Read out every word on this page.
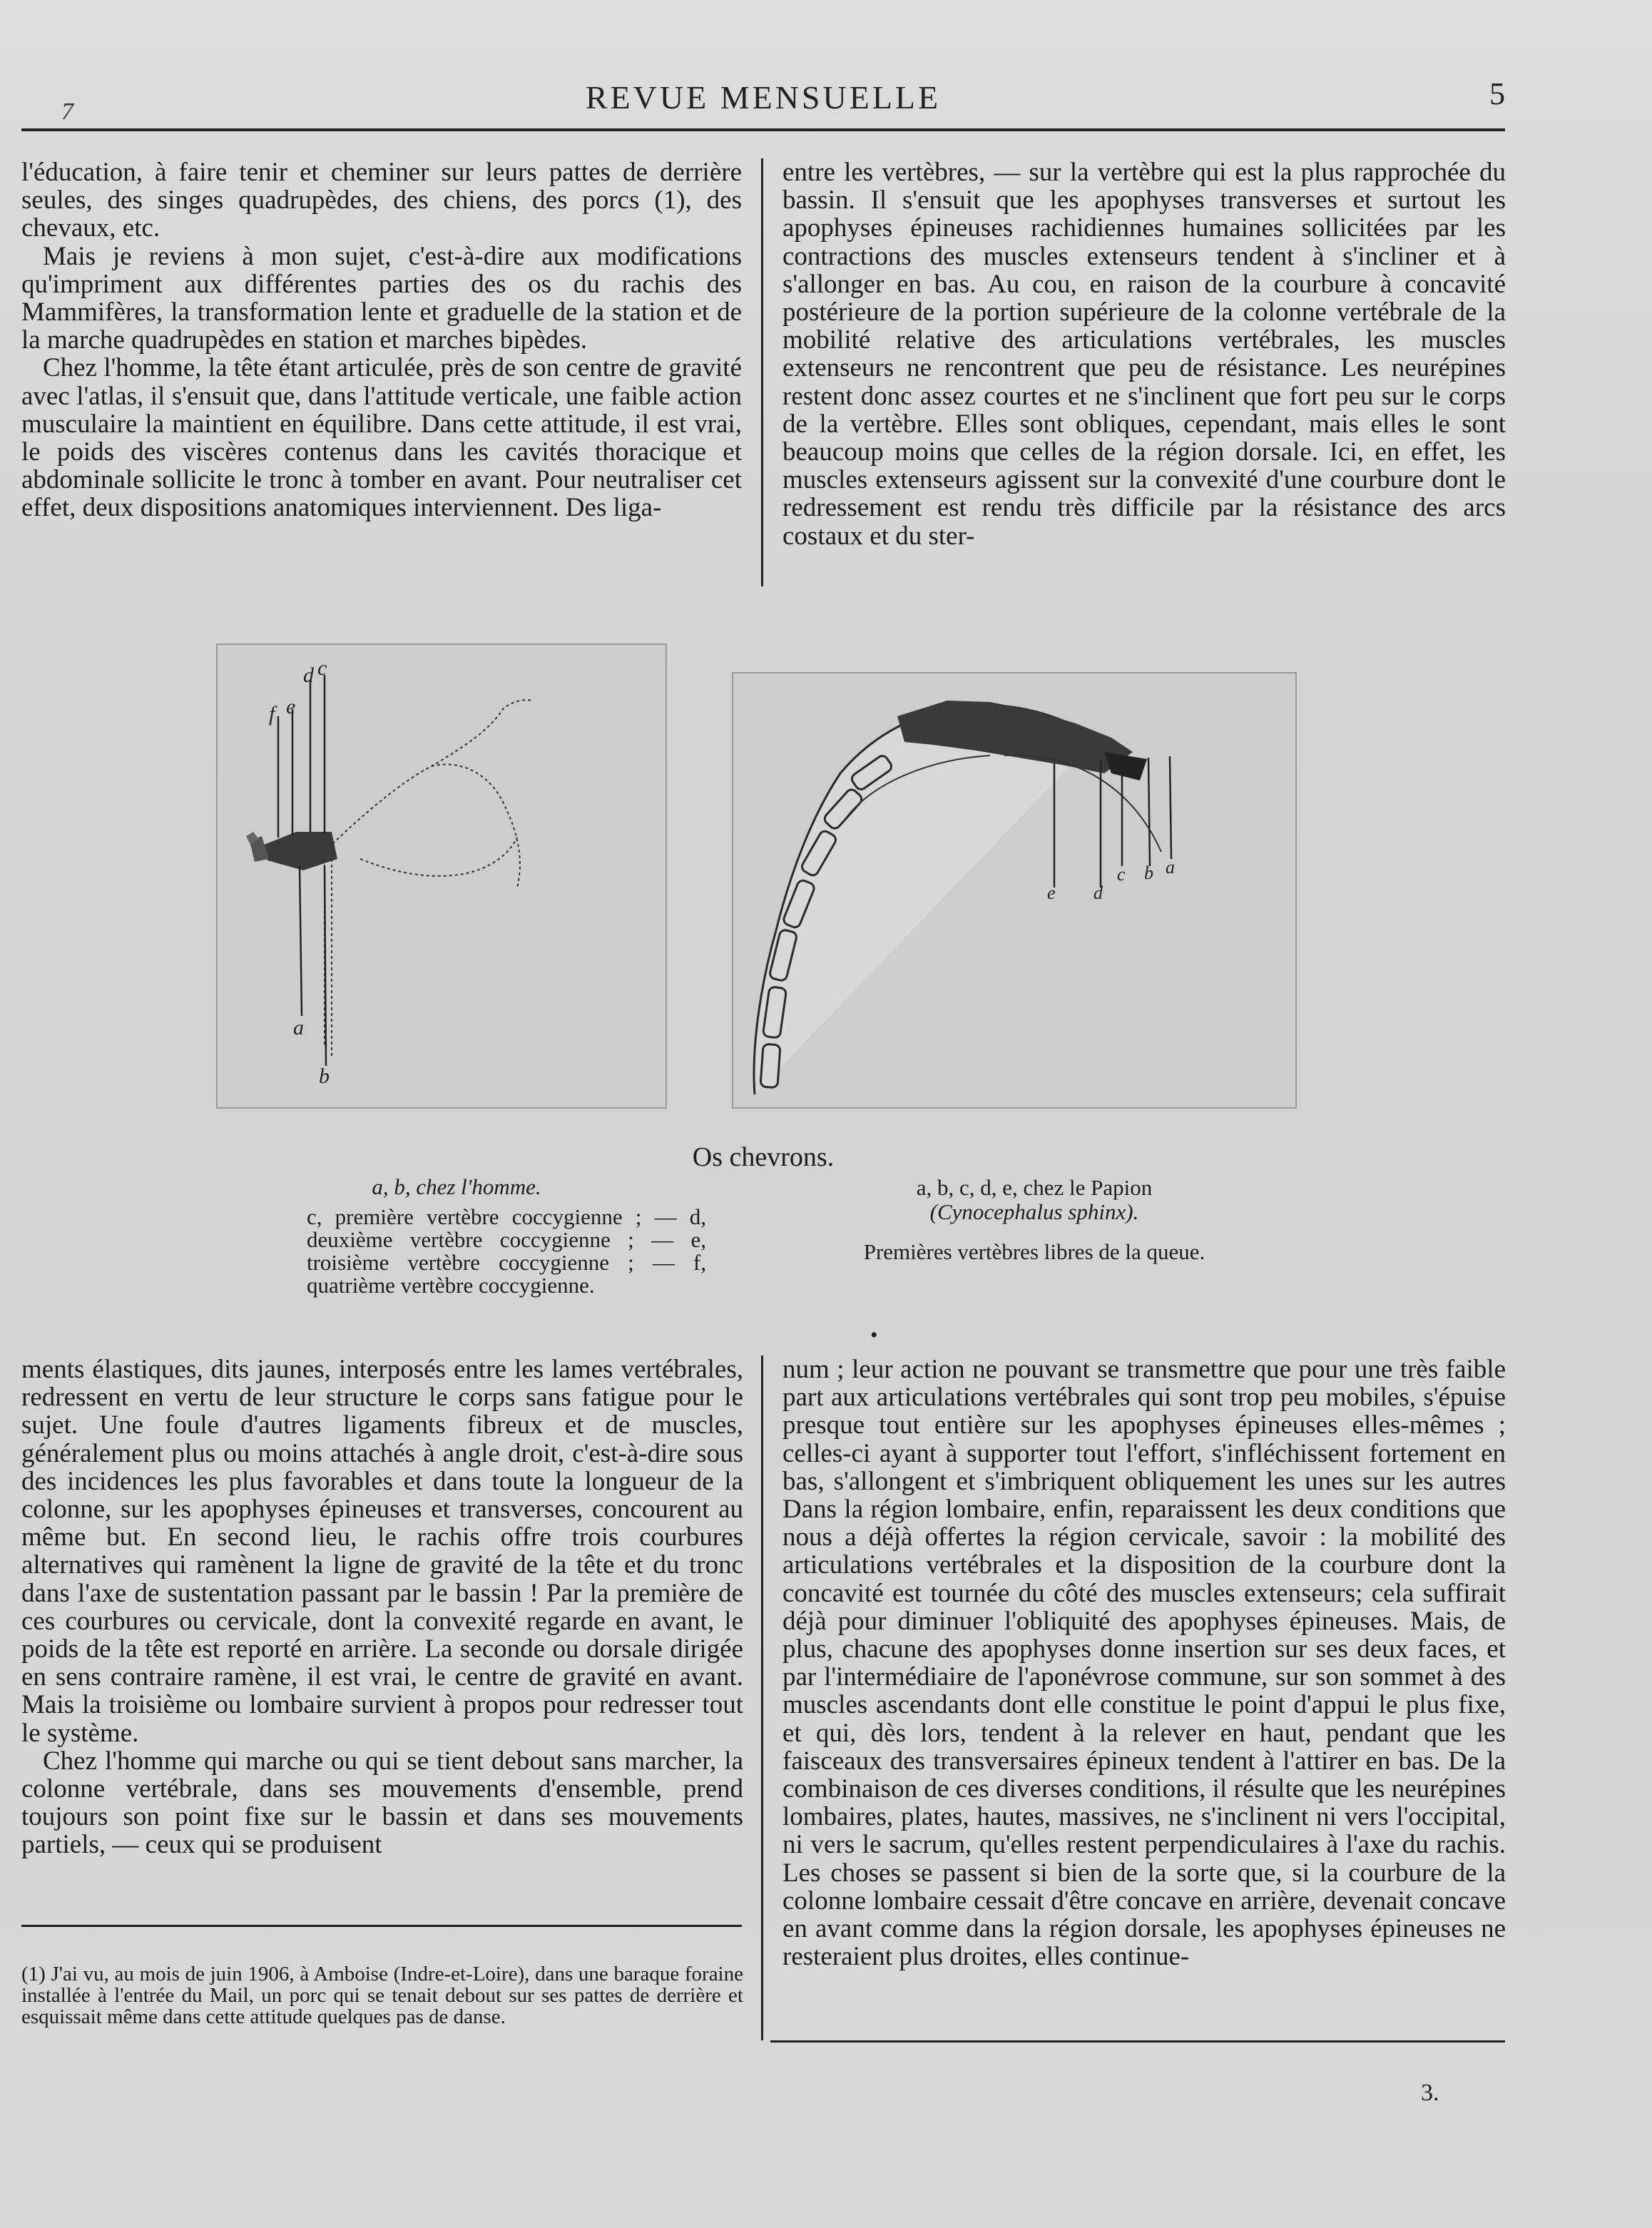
7	REVUE MENSUELLE	5

l'éducation, à faire tenir et cheminer sur leurs pattes de derrière seules, des singes quadrupèdes, des chiens, des porcs (1), des chevaux, etc.

Mais je reviens à mon sujet, c'est-à-dire aux modifications qu'impriment aux différentes parties des os du rachis des Mammifères, la transformation lente et graduelle de la station et de la marche quadrupèdes en station et marches bipèdes.

Chez l'homme, la tête étant articulée, près de son centre de gravité avec l'atlas, il s'ensuit que, dans l'attitude verticale, une faible action musculaire la maintient en équilibre. Dans cette attitude, il est vrai, le poids des viscères contenus dans les cavités thoracique et abdominale sollicite le tronc à tomber en avant. Pour neutraliser cet effet, deux dispositions anatomiques interviennent. Des liga-

entre les vertèbres, — sur la vertèbre qui est la plus rapprochée du bassin. Il s'ensuit que les apophyses transverses et surtout les apophyses épineuses rachidiennes humaines sollicitées par les contractions des muscles extenseurs tendent à s'incliner et à s'allonger en bas. Au cou, en raison de la courbure à concavité postérieure de la portion supérieure de la colonne vertébrale de la mobilité relative des articulations vertébrales, les muscles extenseurs ne rencontrent que peu de résistance. Les neurépines restent donc assez courtes et ne s'inclinent que fort peu sur le corps de la vertèbre. Elles sont obliques, cependant, mais elles le sont beaucoup moins que celles de la région dorsale. Ici, en effet, les muscles extenseurs agissent sur la convexité d'une courbure dont le redressement est rendu très difficile par la résistance des arcs costaux et du ster-

f e
d c
a
b
e d
c b a
Os chevrons.
a, b, chez l'homme.
c, première vertèbre coccygienne ; — d, deuxième vertèbre coccygienne ; — e, troisième vertèbre coccygienne ; — f, quatrième vertèbre coccygienne.
a, b, c, d, e, chez le Papion
(Cynocephalus sphinx).
Premières vertèbres libres de la queue.
•

ments élastiques, dits jaunes, interposés entre les lames vertébrales, redressent en vertu de leur structure le corps sans fatigue pour le sujet. Une foule d'autres ligaments fibreux et de muscles, généralement plus ou moins attachés à angle droit, c'est-à-dire sous des incidences les plus favorables et dans toute la longueur de la colonne, sur les apophyses épineuses et transverses, concourent au même but. En second lieu, le rachis offre trois courbures alternatives qui ramènent la ligne de gravité de la tête et du tronc dans l'axe de sustentation passant par le bassin ! Par la première de ces courbures ou cervicale, dont la convexité regarde en avant, le poids de la tête est reporté en arrière. La seconde ou dorsale dirigée en sens contraire ramène, il est vrai, le centre de gravité en avant. Mais la troisième ou lombaire survient à propos pour redresser tout le système.

Chez l'homme qui marche ou qui se tient debout sans marcher, la colonne vertébrale, dans ses mouvements d'ensemble, prend toujours son point fixe sur le bassin et dans ses mouvements partiels, — ceux qui se produisent

num ; leur action ne pouvant se transmettre que pour une très faible part aux articulations vertébrales qui sont trop peu mobiles, s'épuise presque tout entière sur les apophyses épineuses elles-mêmes ; celles-ci ayant à supporter tout l'effort, s'infléchissent fortement en bas, s'allongent et s'imbriquent obliquement les unes sur les autres Dans la région lombaire, enfin, reparaissent les deux conditions que nous a déjà offertes la région cervicale, savoir : la mobilité des articulations vertébrales et la disposition de la courbure dont la concavité est tournée du côté des muscles extenseurs; cela suffirait déjà pour diminuer l'obliquité des apophyses épineuses. Mais, de plus, chacune des apophyses donne insertion sur ses deux faces, et par l'intermédiaire de l'aponévrose commune, sur son sommet à des muscles ascendants dont elle constitue le point d'appui le plus fixe, et qui, dès lors, tendent à la relever en haut, pendant que les faisceaux des transversaires épineux tendent à l'attirer en bas. De la combinaison de ces diverses conditions, il résulte que les neurépines lombaires, plates, hautes, massives, ne s'inclinent ni vers l'occipital, ni vers le sacrum, qu'elles restent perpendiculaires à l'axe du rachis. Les choses se passent si bien de la sorte que, si la courbure de la colonne lombaire cessait d'être concave en arrière, devenait concave en avant comme dans la région dorsale, les apophyses épineuses ne resteraient plus droites, elles continue-

(1) J'ai vu, au mois de juin 1906, à Amboise (Indre-et-Loire), dans une baraque foraine installée à l'entrée du Mail, un porc qui se tenait debout sur ses pattes de derrière et esquissait même dans cette attitude quelques pas de danse.
3.
